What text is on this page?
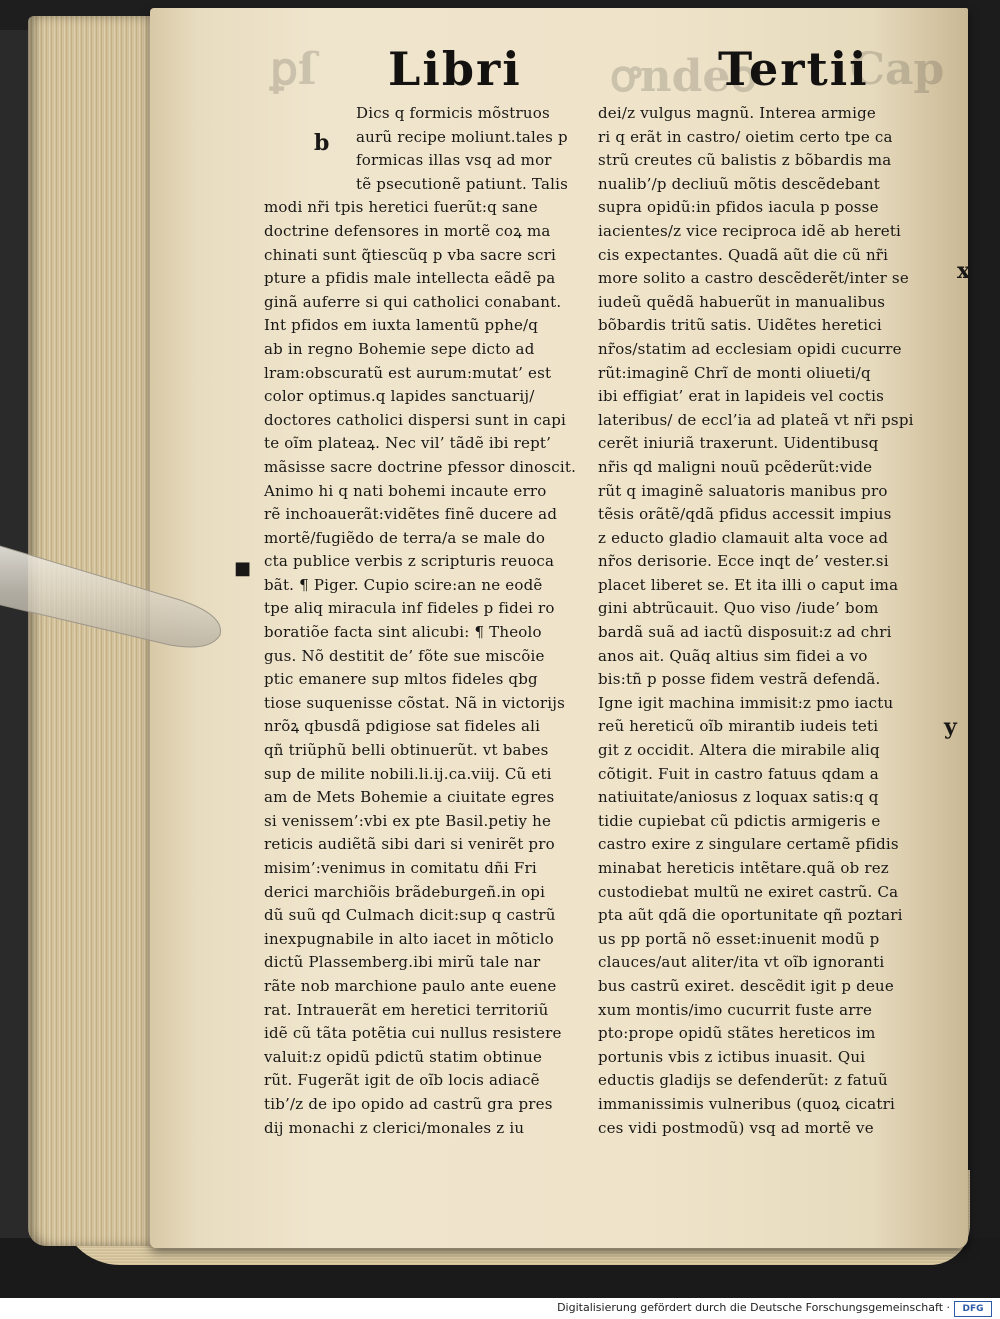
ꝑſ	ꝍndeꝍ Cap
Libri	Tertii
b
x
y
■
Dics q formicis mõstruos
aurũ recipe moliunt.tales p
formicas illas vsq ad mor
tẽ psecutionẽ patiunt. Talis
modi nr̃i tpis heretici fuerũt:q sane
doctrine defensores in mortẽ coꝝ ma
chinati sunt q̃tiescũq p vba sacre scri
pture a pfidis male intellecta eãdẽ pa
ginã auferre si qui catholici conabant.
Int pfidos em iuxta lamentũ pphe/q
ab in regno Bohemie sepe dicto ad
lram:obscuratũ est aurum:mutat’ est
color optimus.q lapides sanctuarij/
doctores catholici dispersi sunt in capi
te oĩm plateaꝝ. Nec vil’ tãdẽ ibi rept’
mãsisse sacre doctrine pfessor dinoscit.
Animo hi q nati bohemi incaute erro
rẽ inchoauerãt:vidẽtes finẽ ducere ad
mortẽ/fugiẽdo de terra/a se male do
cta publice verbis z scripturis reuoca
bãt. ¶ Piger. Cupio scire:an ne eodẽ
tpe aliq miracula inf fideles p fidei ro
boratiõe facta sint alicubi: ¶ Theolo
gus. Nõ destitit de’ fõte sue miscõie
ptic emanere sup mltos fideles qbg
tiose suquenisse cõstat. Nã in victorijs
nrõꝝ qbusdã pdigiose sat fideles ali
qñ triũphũ belli obtinuerũt. vt babes
sup de milite nobili.li.ij.ca.viij. Cũ eti
am de Mets Bohemie a ciuitate egres
si venissem’:vbi ex pte Basil.petiy he
reticis audiẽtã sibi dari si venirẽt pro
misim’:venimus in comitatu dñi Fri
derici marchiõis brãdeburgeñ.in opi
dũ suũ qd Culmach dicit:sup q castrũ
inexpugnabile in alto iacet in mõticlo
dictũ Plassemberg.ibi mirũ tale nar
rãte nob marchione paulo ante euene
rat. Intrauerãt em heretici territoriũ
idẽ cũ tãta potẽtia cui nullus resistere
valuit:z opidũ pdictũ statim obtinue
rũt. Fugerãt igit de oĩb locis adiacẽ
tib’/z de ipo opido ad castrũ gra pres
dij monachi z clerici/monales z iu
dei/z vulgus magnũ. Interea armige
ri q erãt in castro/ oietim certo tpe ca
strũ creutes cũ balistis z bõbardis ma
nualib’/p decliuũ mõtis descẽdebant
supra opidũ:in pfidos iacula p posse
iacientes/z vice reciproca idẽ ab hereti
cis expectantes. Quadã aũt die cũ nr̃i
more solito a castro descẽderẽt/inter se
iudeũ quẽdã habuerũt in manualibus
bõbardis tritũ satis. Uidẽtes heretici
nr̃os/statim ad ecclesiam opidi cucurre
rũt:imaginẽ Chrĩ de monti oliueti/q
ibi effigiat’ erat in lapideis vel coctis
lateribus/ de eccl’ia ad plateã vt nr̃i pspi
cerẽt iniuriã traxerunt. Uidentibusq
nr̃is qd maligni nouũ pcẽderũt:vide
rũt q imaginẽ saluatoris manibus pro
tẽsis orãtẽ/qdã pfidus accessit impius
z educto gladio clamauit alta voce ad
nr̃os derisorie. Ecce inqt de’ vester.si
placet liberet se. Et ita illi o caput ima
gini abtrũcauit. Quo viso /iude’ bom
bardã suã ad iactũ disposuit:z ad chri
anos ait. Quãq altius sim fidei a vo
bis:tñ p posse fidem vestrã defendã.
Igne igit machina immisit:z pmo iactu
reũ hereticũ oĩb mirantib iudeis teti
git z occidit. Altera die mirabile aliq
cõtigit. Fuit in castro fatuus qdam a
natiuitate/aniosus z loquax satis:q q
tidie cupiebat cũ pdictis armigeris e
castro exire z singulare certamẽ pfidis
minabat hereticis intẽtare.quã ob rez
custodiebat multũ ne exiret castrũ. Ca
pta aũt qdã die oportunitate qñ poztari
us pp portã nõ esset:inuenit modũ p
clauces/aut aliter/ita vt oĩb ignoranti
bus castrũ exiret. descẽdit igit p deue
xum montis/imo cucurrit fuste arre
pto:prope opidũ stãtes hereticos im
portunis vbis z ictibus inuasit. Qui
eductis gladijs se defenderũt: z fatuũ
immanissimis vulneribus (quoꝝ cicatri
ces vidi postmodũ) vsq ad mortẽ ve
Digitalisierung gefördert durch die Deutsche Forschungsgemeinschaft ·	DFG
